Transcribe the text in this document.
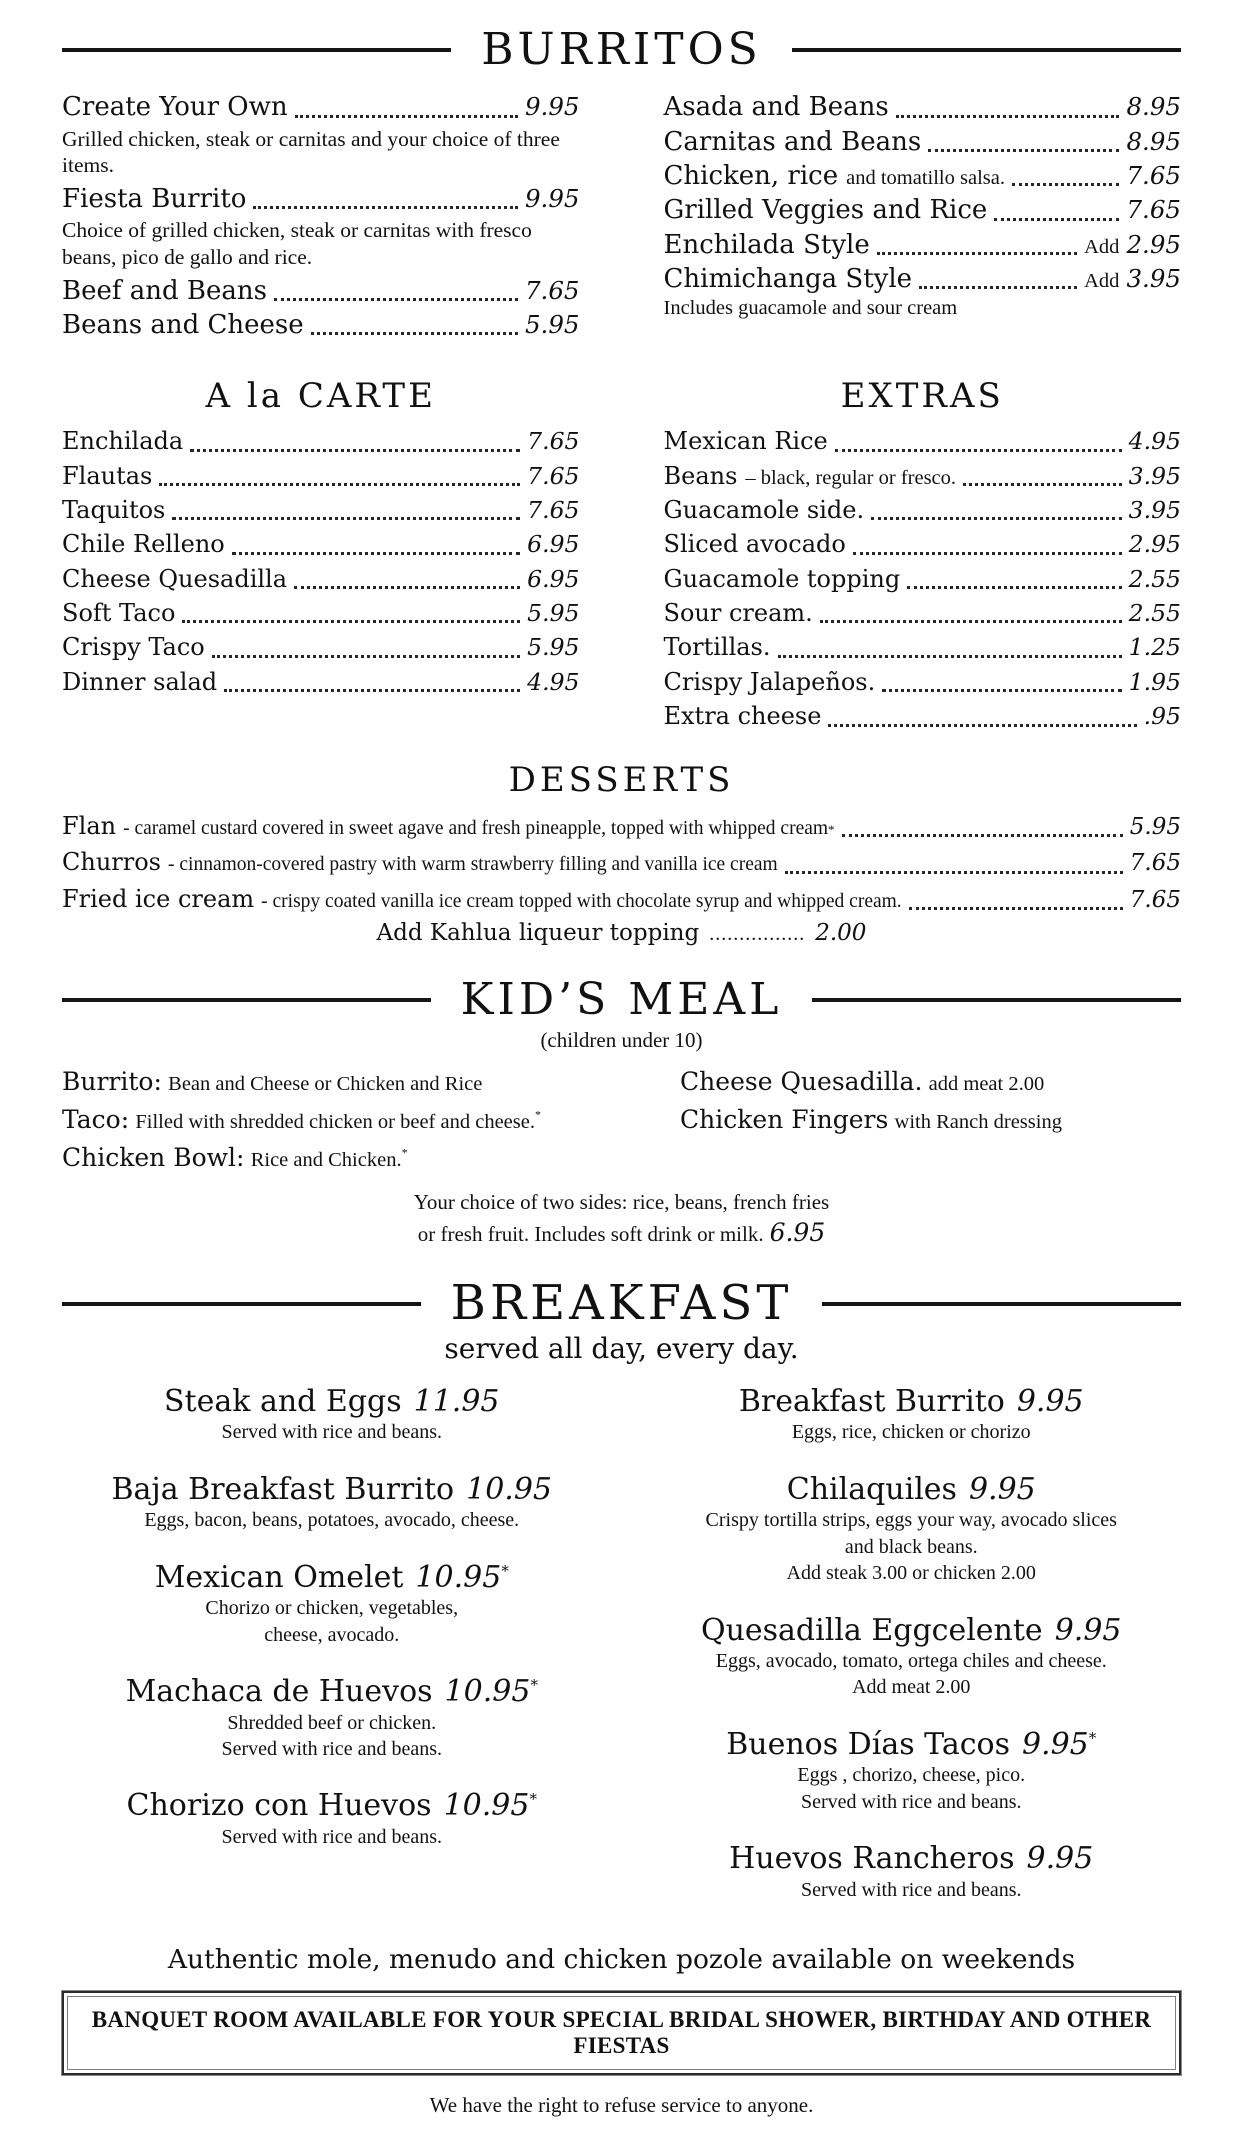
BURRITOS
Create Your Own	9.95
Grilled chicken, steak or carnitas and your choice of three items.
Fiesta Burrito	9.95
Choice of grilled chicken, steak or carnitas with fresco beans, pico de gallo and rice.
Beef and Beans	7.65
Beans and Cheese	5.95
Asada and Beans	8.95
Carnitas and Beans	8.95
Chicken, rice and tomatillo salsa.	7.65
Grilled Veggies and Rice	7.65
Enchilada Style	Add 2.95
Chimichanga Style	Add 3.95
Includes guacamole and sour cream
A la CARTE
Enchilada	7.65
Flautas	7.65
Taquitos	7.65
Chile Relleno	6.95
Cheese Quesadilla	6.95
Soft Taco	5.95
Crispy Taco	5.95
Dinner salad	4.95
EXTRAS
Mexican Rice	4.95
Beans – black, regular or fresco.	3.95
Guacamole side.	3.95
Sliced avocado	2.95
Guacamole topping	2.55
Sour cream.	2.55
Tortillas.	1.25
Crispy Jalapeños.	1.95
Extra cheese	.95
DESSERTS
Flan - caramel custard covered in sweet agave and fresh pineapple, topped with whipped cream *	5.95
Churros - cinnamon-covered pastry with warm strawberry filling and vanilla ice cream	7.65
Fried ice cream - crispy coated vanilla ice cream topped with chocolate syrup and whipped cream.	7.65
Add Kahlua liqueur topping ................ 2.00
KID’S MEAL
(children under 10)
Burrito: Bean and Cheese or Chicken and Rice
Taco: Filled with shredded chicken or beef and cheese.*
Chicken Bowl: Rice and Chicken.*
Cheese Quesadilla. add meat 2.00
Chicken Fingers with Ranch dressing
Your choice of two sides: rice, beans, french fries
or fresh fruit. Includes soft drink or milk. 6.95
BREAKFAST
served all day, every day.
Steak and Eggs 11.95
Served with rice and beans.
Baja Breakfast Burrito 10.95
Eggs, bacon, beans, potatoes, avocado, cheese.
Mexican Omelet 10.95*
Chorizo or chicken, vegetables,
cheese, avocado.
Machaca de Huevos 10.95*
Shredded beef or chicken.
Served with rice and beans.
Chorizo con Huevos 10.95*
Served with rice and beans.
Breakfast Burrito 9.95
Eggs, rice, chicken or chorizo
Chilaquiles 9.95
Crispy tortilla strips, eggs your way, avocado slices
and black beans.
Add steak 3.00 or chicken 2.00
Quesadilla Eggcelente 9.95
Eggs, avocado, tomato, ortega chiles and cheese.
Add meat 2.00
Buenos Días Tacos 9.95*
Eggs , chorizo, cheese, pico.
Served with rice and beans.
Huevos Rancheros 9.95
Served with rice and beans.
Authentic mole, menudo and chicken pozole available on weekends
BANQUET ROOM AVAILABLE FOR YOUR SPECIAL BRIDAL SHOWER, BIRTHDAY AND OTHER FIESTAS
We have the right to refuse service to anyone.
